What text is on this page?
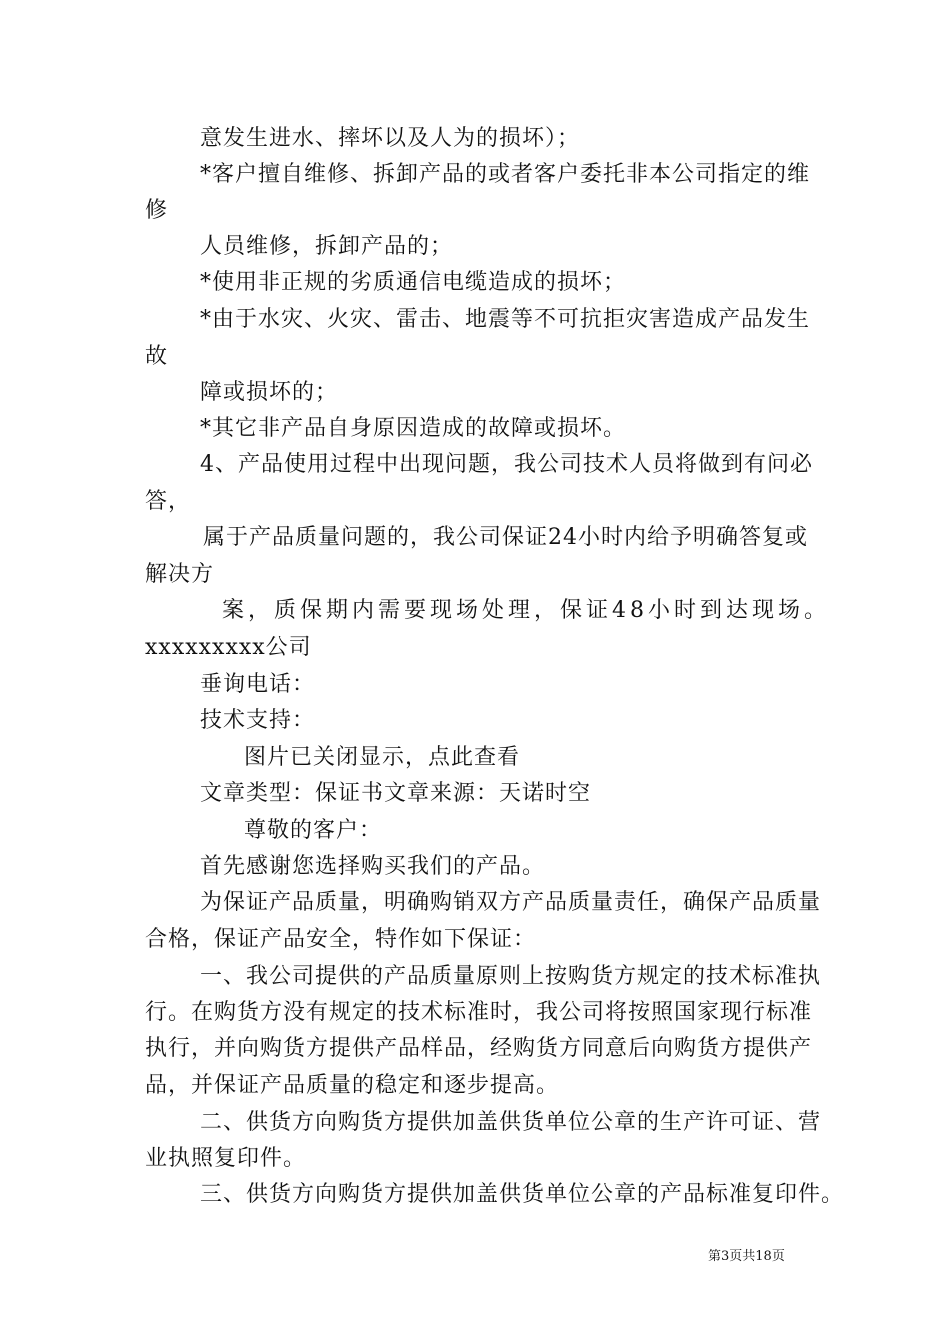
意发生进水、摔坏以及人为的损坏）；
*客户擅自维修、拆卸产品的或者客户委托非本公司指定的维
修
人员维修，拆卸产品的；
*使用非正规的劣质通信电缆造成的损坏；
*由于水灾、火灾、雷击、地震等不可抗拒灾害造成产品发生
故
障或损坏的；
*其它非产品自身原因造成的故障或损坏。
4、产品使用过程中出现问题，我公司技术人员将做到有问必
答，
属于产品质量问题的，我公司保证24小时内给予明确答复或
解决方
案，质保期内需要现场处理，保证48小时到达现场。
xxxxxxxxx公司
垂询电话：
技术支持：
图片已关闭显示，点此查看
文章类型：保证书文章来源：天诺时空
尊敬的客户：
首先感谢您选择购买我们的产品。
为保证产品质量，明确购销双方产品质量责任，确保产品质量
合格，保证产品安全，特作如下保证：
一、我公司提供的产品质量原则上按购货方规定的技术标准执
行。在购货方没有规定的技术标准时，我公司将按照国家现行标准
执行，并向购货方提供产品样品，经购货方同意后向购货方提供产
品，并保证产品质量的稳定和逐步提高。
二、供货方向购货方提供加盖供货单位公章的生产许可证、营
业执照复印件。
三、供货方向购货方提供加盖供货单位公章的产品标准复印件。
第3页共18页
